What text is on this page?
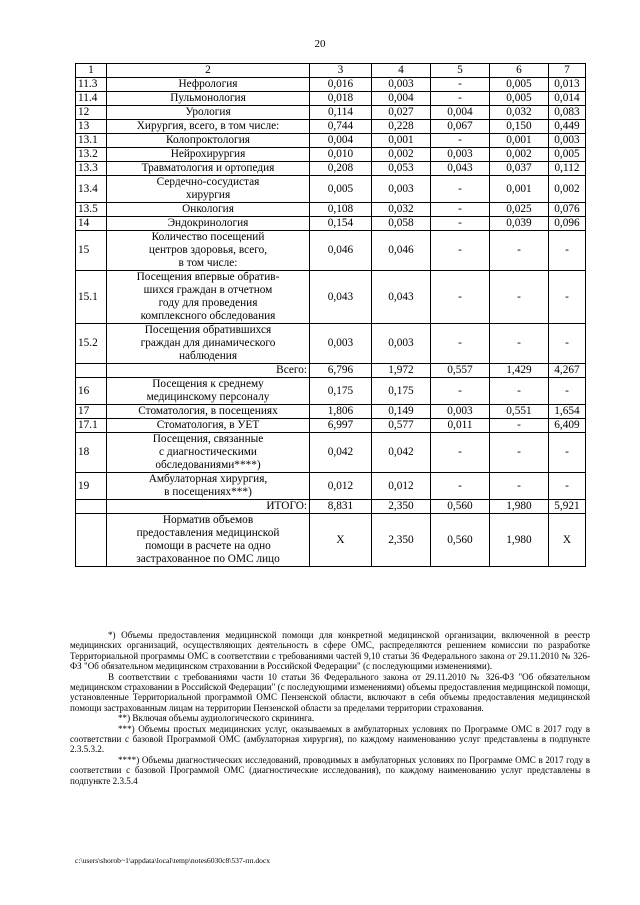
20
1	2	3	4	5	6	7
11.3	Нефрология	0,016	0,003	-	0,005	0,013
11.4	Пульмонология	0,018	0,004	-	0,005	0,014
12	Урология	0,114	0,027	0,004	0,032	0,083
13	Хирургия, всего, в том числе:	0,744	0,228	0,067	0,150	0,449
13.1	Колопроктология	0,004	0,001	-	0,001	0,003
13.2	Нейрохирургия	0,010	0,002	0,003	0,002	0,005
13.3	Травматология и ортопедия	0,208	0,053	0,043	0,037	0,112
13.4	Сердечно-сосудистая
хирургия	0,005	0,003	-	0,001	0,002
13.5	Онкология	0,108	0,032	-	0,025	0,076
14	Эндокринология	0,154	0,058	-	0,039	0,096
15	Количество посещений
центров здоровья, всего,
в том числе:	0,046	0,046	-	-	-
15.1	Посещения впервые обратив-
шихся граждан в отчетном
году для проведения
комплексного обследования	0,043	0,043	-	-	-
15.2	Посещения обратившихся
граждан для динамического
наблюдения	0,003	0,003	-	-	-

	Всего:	6,796	1,972	0,557	1,429	4,267
16	Посещения к среднему
медицинскому персоналу	0,175	0,175	-	-	-
17	Стоматология, в посещениях	1,806	0,149	0,003	0,551	1,654
17.1	Стоматология, в УЕТ	6,997	0,577	0,011	-	6,409
18	Посещения, связанные
с диагностическими
обследованиями****)	0,042	0,042	-	-	-
19	Амбулаторная хирургия,
в посещениях***)	0,012	0,012	-	-	-

	ИТОГО:	8,831	2,350	0,560	1,980	5,921

	Норматив объемов
предоставления медицинской
помощи в расчете на одно
застрахованное по ОМС лицо	X	2,350	0,560	1,980	X

*) Объемы предоставления медицинской помощи для конкретной медицинской организации, включенной в реестр медицинских организаций, осуществляющих деятельность в сфере ОМС, распределяются решением комиссии по разработке Территориальной программы ОМС в соответствии с требованиями частей 9,10 статьи 36 Федерального закона от 29.11.2010 № 326-ФЗ "Об обязательном медицинском страховании в Российской Федерации" (с последующими изменениями).

В соответствии с требованиями части 10 статьи 36 Федерального закона от 29.11.2010 № 326-ФЗ "Об обязательном медицинском страховании в Российской Федерации" (с последующими изменениями) объемы предоставления медицинской помощи, установленные Территориальной программой ОМС Пензенской области, включают в себя объемы предоставления медицинской помощи застрахованным лицам на территории Пензенской области за пределами территории страхования.

**) Включая объемы аудиологического скрининга.

***) Объемы простых медицинских услуг, оказываемых в амбулаторных условиях по Программе ОМС в 2017 году в соответствии с базовой Программой ОМС (амбулаторная хирургия), по каждому наименованию услуг представлены в подпункте 2.3.5.3.2.

****) Объемы диагностических исследований, проводимых в амбулаторных условиях по Программе ОМС в 2017 году в соответствии с базовой Программой ОМС (диагностические исследования), по каждому наименованию услуг представлены в подпункте 2.3.5.4

c:\users\shorob~1\appdata\local\temp\notes6030c8\537-пп.docx
